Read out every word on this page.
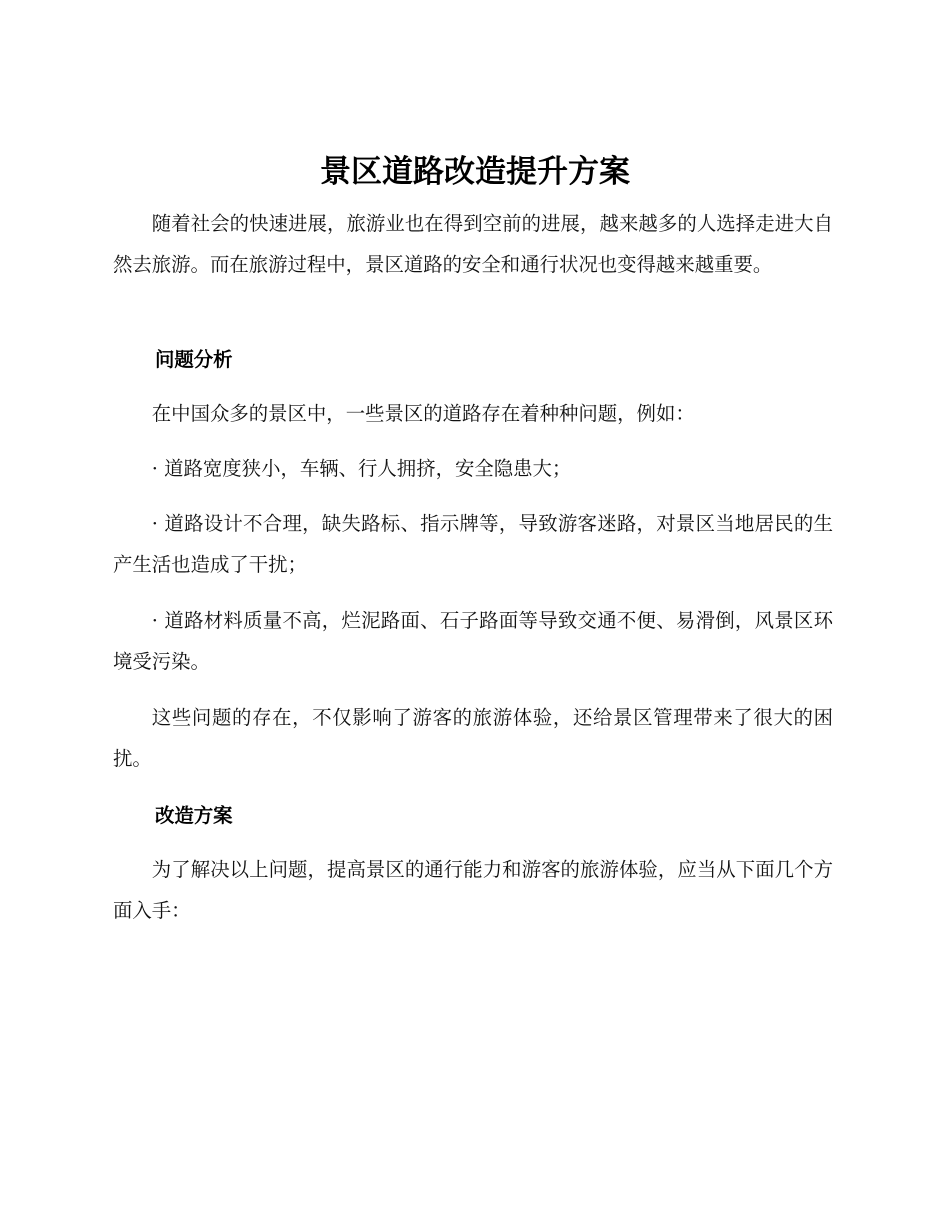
景区道路改造提升方案

随着社会的快速进展，旅游业也在得到空前的进展，越来越多的人选择走进大自然去旅游。而在旅游过程中，景区道路的安全和通行状况也变得越来越重要。

问题分析

在中国众多的景区中，一些景区的道路存在着种种问题，例如：

· 道路宽度狭小，车辆、行人拥挤，安全隐患大；

· 道路设计不合理，缺失路标、指示牌等，导致游客迷路，对景区当地居民的生产生活也造成了干扰；

· 道路材料质量不高，烂泥路面、石子路面等导致交通不便、易滑倒，风景区环境受污染。

这些问题的存在，不仅影响了游客的旅游体验，还给景区管理带来了很大的困扰。

改造方案

为了解决以上问题，提高景区的通行能力和游客的旅游体验，应当从下面几个方面入手：
